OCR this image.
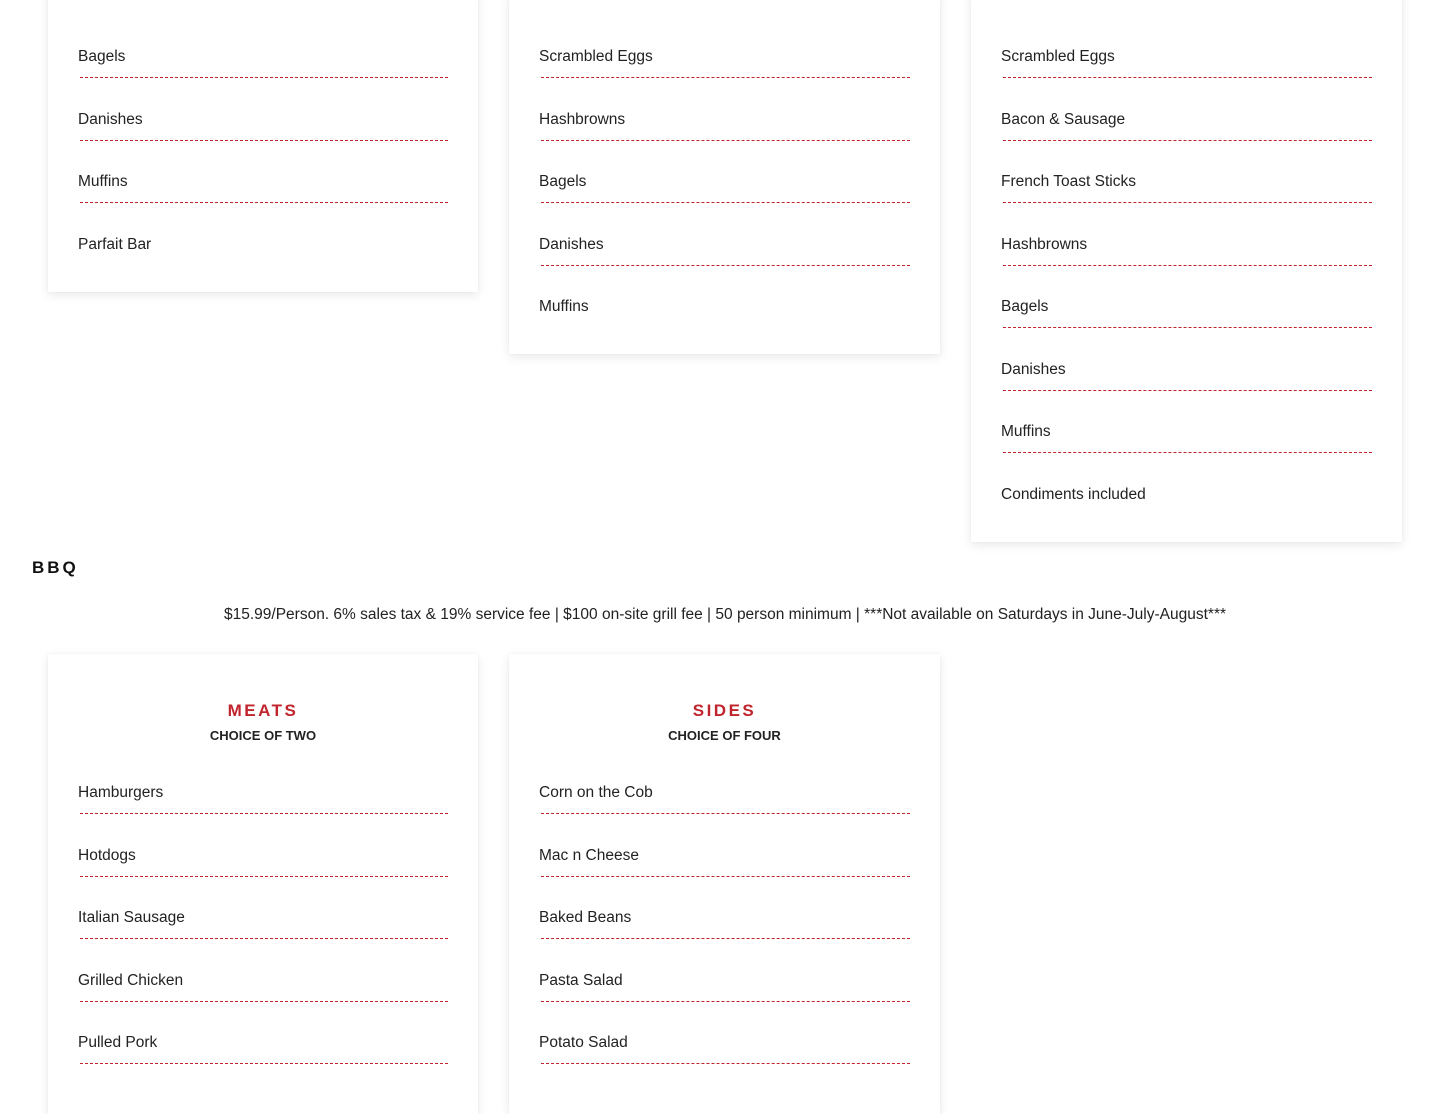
Bagels
Danishes
Muffins
Parfait Bar
Scrambled Eggs
Hashbrowns
Bagels
Danishes
Muffins
Scrambled Eggs
Bacon & Sausage
French Toast Sticks
Hashbrowns
Bagels
Danishes
Muffins
Condiments included
BBQ
$15.99/Person. 6% sales tax & 19% service fee | $100 on-site grill fee | 50 person minimum | ***Not available on Saturdays in June-July-August***
MEATS
CHOICE OF TWO
Hamburgers
Hotdogs
Italian Sausage
Grilled Chicken
Pulled Pork
SIDES
CHOICE OF FOUR
Corn on the Cob
Mac n Cheese
Baked Beans
Pasta Salad
Potato Salad
